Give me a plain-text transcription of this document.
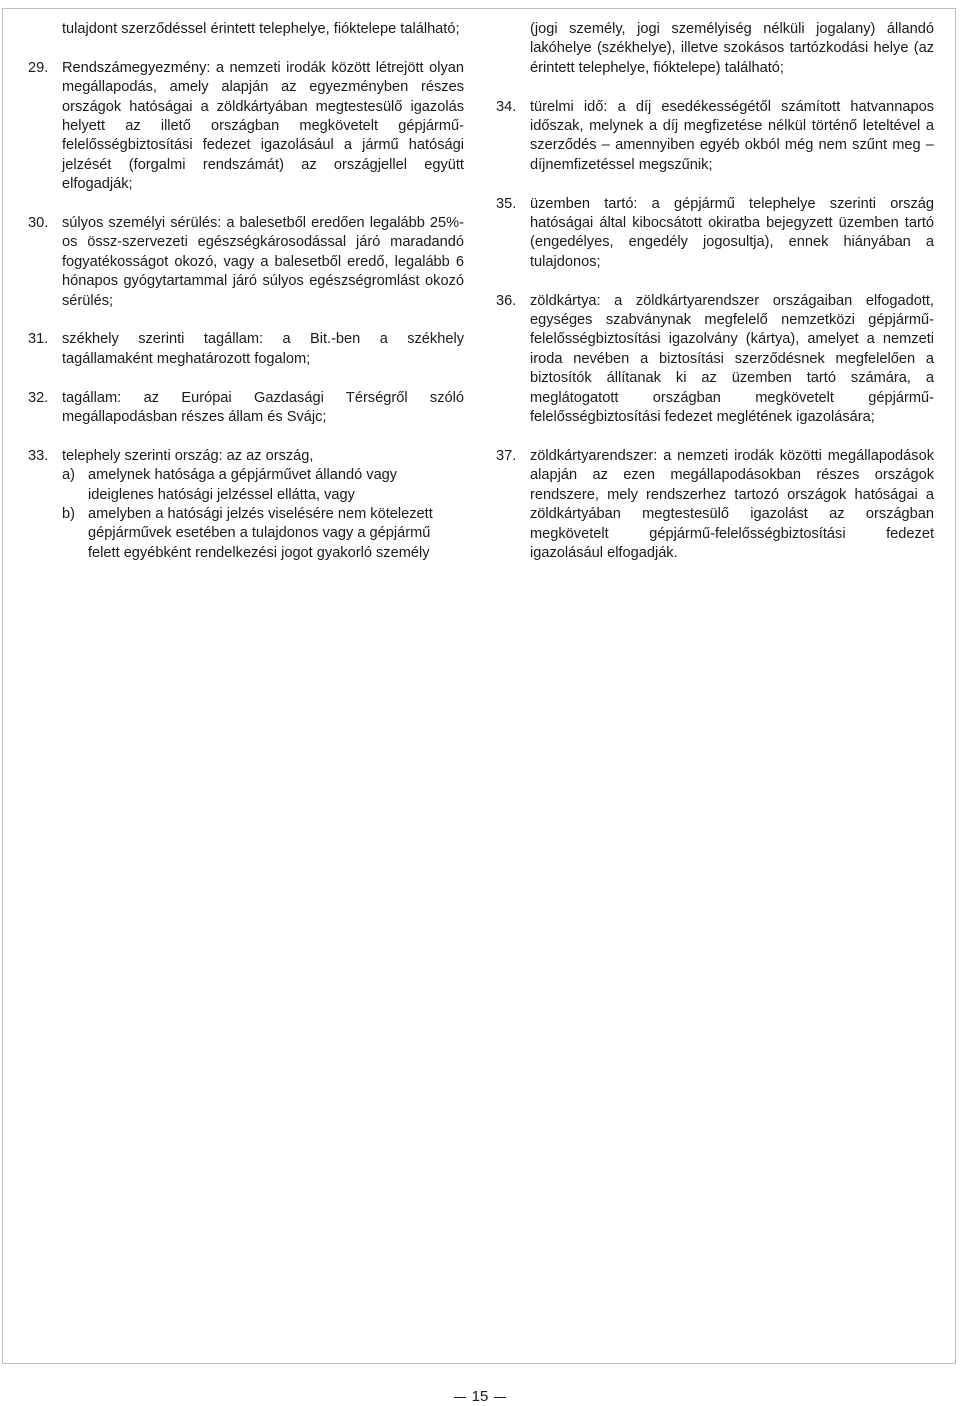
tulajdont szerződéssel érintett telephelye, fióktelepe található;
29. Rendszámegyezmény: a nemzeti irodák között létrejött olyan megállapodás, amely alapján az egyezményben részes országok hatóságai a zöldkártyában megtestesülő igazolás helyett az illető országban megkövetelt gépjármű-felelősségbiztosítási fedezet igazolásául a jármű hatósági jelzését (forgalmi rendszámát) az országjellel együtt elfogadják;
30. súlyos személyi sérülés: a balesetből eredően legalább 25%-os össz-szervezeti egészségkárosodással járó maradandó fogyatékosságot okozó, vagy a balesetből eredő, legalább 6 hónapos gyógytartammal járó súlyos egészségromlást okozó sérülés;
31. székhely szerinti tagállam: a Bit.-ben a székhely tagállamaként meghatározott fogalom;
32. tagállam: az Európai Gazdasági Térségről szóló megállapodásban részes állam és Svájc;
33. telephely szerinti ország: az az ország,
a) amelynek hatósága a gépjárművet állandó vagy ideiglenes hatósági jelzéssel ellátta, vagy
b) amelyben a hatósági jelzés viselésére nem kötelezett gépjárművek esetében a tulajdonos vagy a gépjármű felett egyébként rendelkezési jogot gyakorló személy
(jogi személy, jogi személyiség nélküli jogalany) állandó lakóhelye (székhelye), illetve szokásos tartózkodási helye (az érintett telephelye, fióktelepe) található;
34. türelmi idő: a díj esedékességétől számított hatvannapos időszak, melynek a díj megfizetése nélkül történő leteltével a szerződés – amennyiben egyéb okból még nem szűnt meg – díjnemfizetéssel megszűnik;
35. üzemben tartó: a gépjármű telephelye szerinti ország hatóságai által kibocsátott okiratba bejegyzett üzemben tartó (engedélyes, engedély jogosultja), ennek hiányában a tulajdonos;
36. zöldkártya: a zöldkártyarendszer országaiban elfogadott, egységes szabványnak megfelelő nemzetközi gépjármű-felelősségbiztosítási igazolvány (kártya), amelyet a nemzeti iroda nevében a biztosítási szerződésnek megfelelően a biztosítók állítanak ki az üzemben tartó számára, a meglátogatott országban megkövetelt gépjármű-felelősségbiztosítási fedezet meglétének igazolására;
37. zöldkártyarendszer: a nemzeti irodák közötti megállapodások alapján az ezen megállapodásokban részes országok rendszere, mely rendszerhez tartozó országok hatóságai a zöldkártyában megtestesülő igazolást az országban megkövetelt gépjármű-felelősségbiztosítási fedezet igazolásául elfogadják.
15
